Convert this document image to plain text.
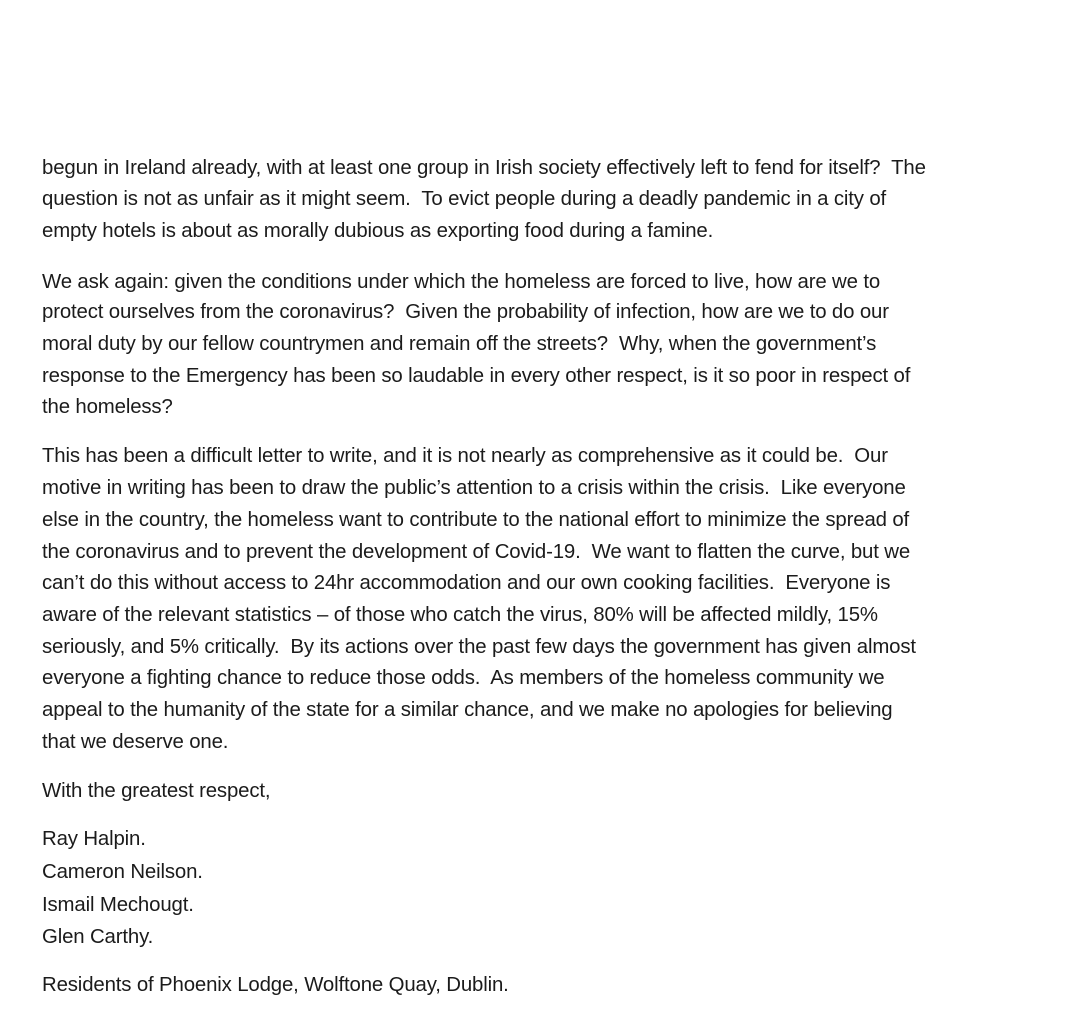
begun in Ireland already, with at least one group in Irish society effectively left to fend for itself?  The
question is not as unfair as it might seem.  To evict people during a deadly pandemic in a city of
empty hotels is about as morally dubious as exporting food during a famine.
We ask again: given the conditions under which the homeless are forced to live, how are we to
protect ourselves from the coronavirus?  Given the probability of infection, how are we to do our
moral duty by our fellow countrymen and remain off the streets?  Why, when the government’s
response to the Emergency has been so laudable in every other respect, is it so poor in respect of
the homeless?
This has been a difficult letter to write, and it is not nearly as comprehensive as it could be.  Our
motive in writing has been to draw the public’s attention to a crisis within the crisis.  Like everyone
else in the country, the homeless want to contribute to the national effort to minimize the spread of
the coronavirus and to prevent the development of Covid-19.  We want to flatten the curve, but we
can’t do this without access to 24hr accommodation and our own cooking facilities.  Everyone is
aware of the relevant statistics – of those who catch the virus, 80% will be affected mildly, 15%
seriously, and 5% critically.  By its actions over the past few days the government has given almost
everyone a fighting chance to reduce those odds.  As members of the homeless community we
appeal to the humanity of the state for a similar chance, and we make no apologies for believing
that we deserve one.
With the greatest respect,
Ray Halpin.
Cameron Neilson.
Ismail Mechougt.
Glen Carthy.
Residents of Phoenix Lodge, Wolftone Quay, Dublin.
